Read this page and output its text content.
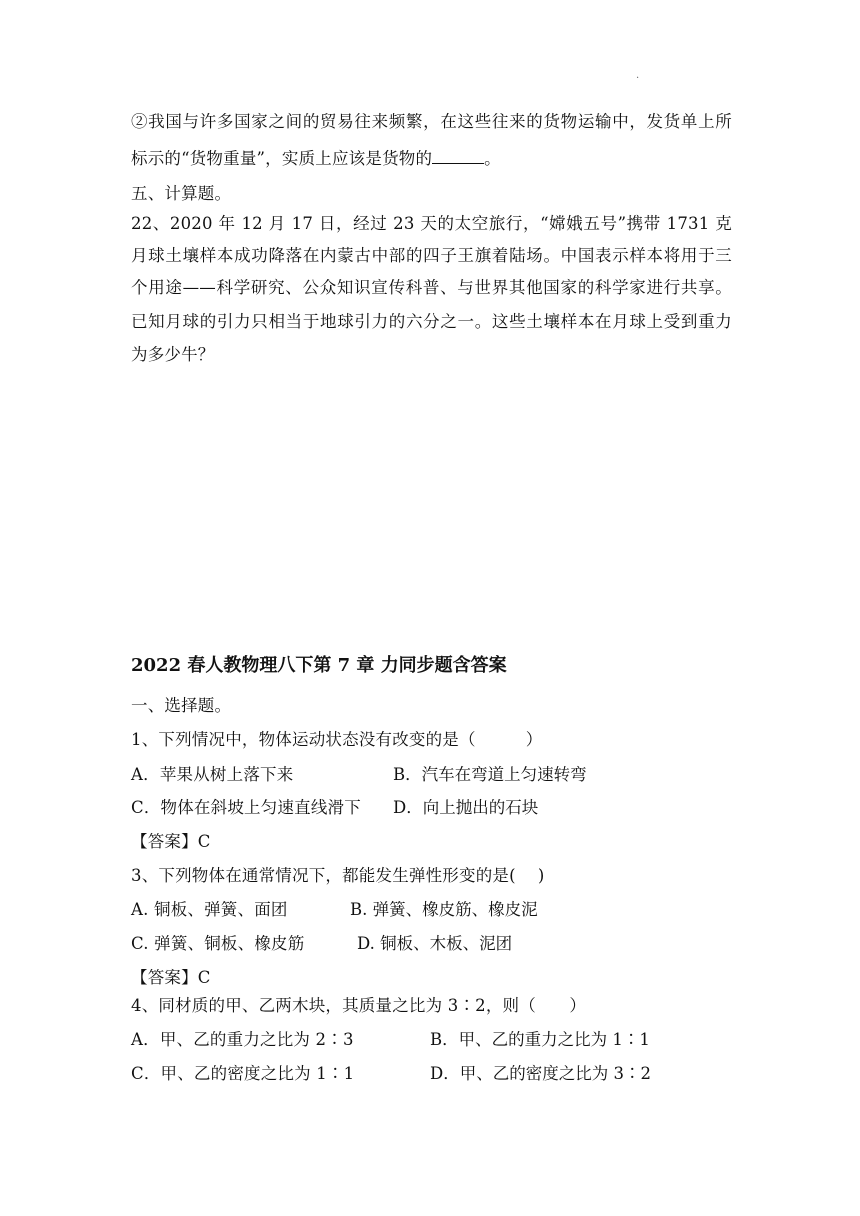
.
②我国与许多国家之间的贸易往来频繁，在这些往来的货物运输中，发货单上所
标示的“货物重量”，实质上应该是货物的	。
五、计算题。
22、2020 年 12 月 17 日，经过 23 天的太空旅行，“嫦娥五号”携带 1731 克
月球土壤样本成功降落在内蒙古中部的四子王旗着陆场。中国表示样本将用于三
个用途——科学研究、公众知识宣传科普、与世界其他国家的科学家进行共享。
已知月球的引力只相当于地球引力的六分之一。这些土壤样本在月球上受到重力
为多少牛？
2022 春人教物理八下第 7 章 力同步题含答案
一、选择题。
1、下列情况中，物体运动状态没有改变的是（　　　）
A．苹果从树上落下来	B．汽车在弯道上匀速转弯
C．物体在斜坡上匀速直线滑下 D．向上抛出的石块
【答案】C
3、下列物体在通常情况下，都能发生弹性形变的是(　 )
A. 铜板、弹簧、面团	B. 弹簧、橡皮筋、橡皮泥
C. 弹簧、铜板、橡皮筋	D. 铜板、木板、泥团
【答案】C
4、同材质的甲、乙两木块，其质量之比为 3∶2，则（　　）
A．甲、乙的重力之比为 2∶3	B．甲、乙的重力之比为 1∶1
C．甲、乙的密度之比为 1∶1	D．甲、乙的密度之比为 3∶2
